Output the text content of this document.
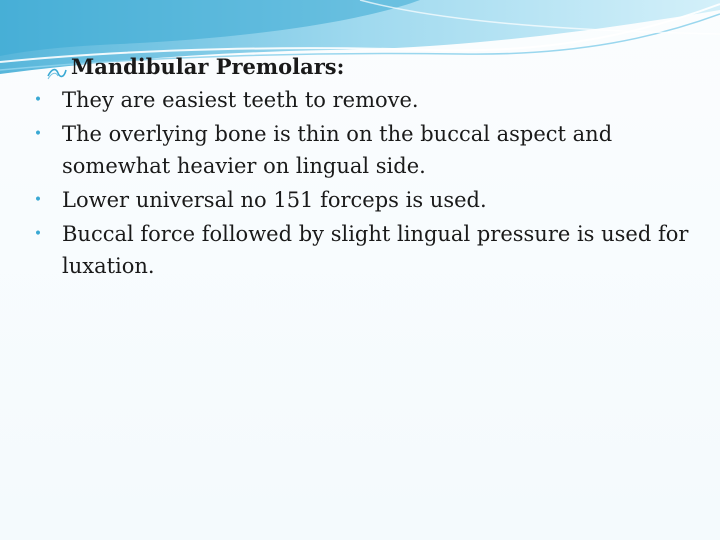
Mandibular Premolars:
• They are easiest teeth to remove.
• The overlying bone is thin on the buccal aspect and somewhat heavier on lingual side.
• Lower universal no 151 forceps is used.
• Buccal force followed by slight lingual pressure is used for luxation.
